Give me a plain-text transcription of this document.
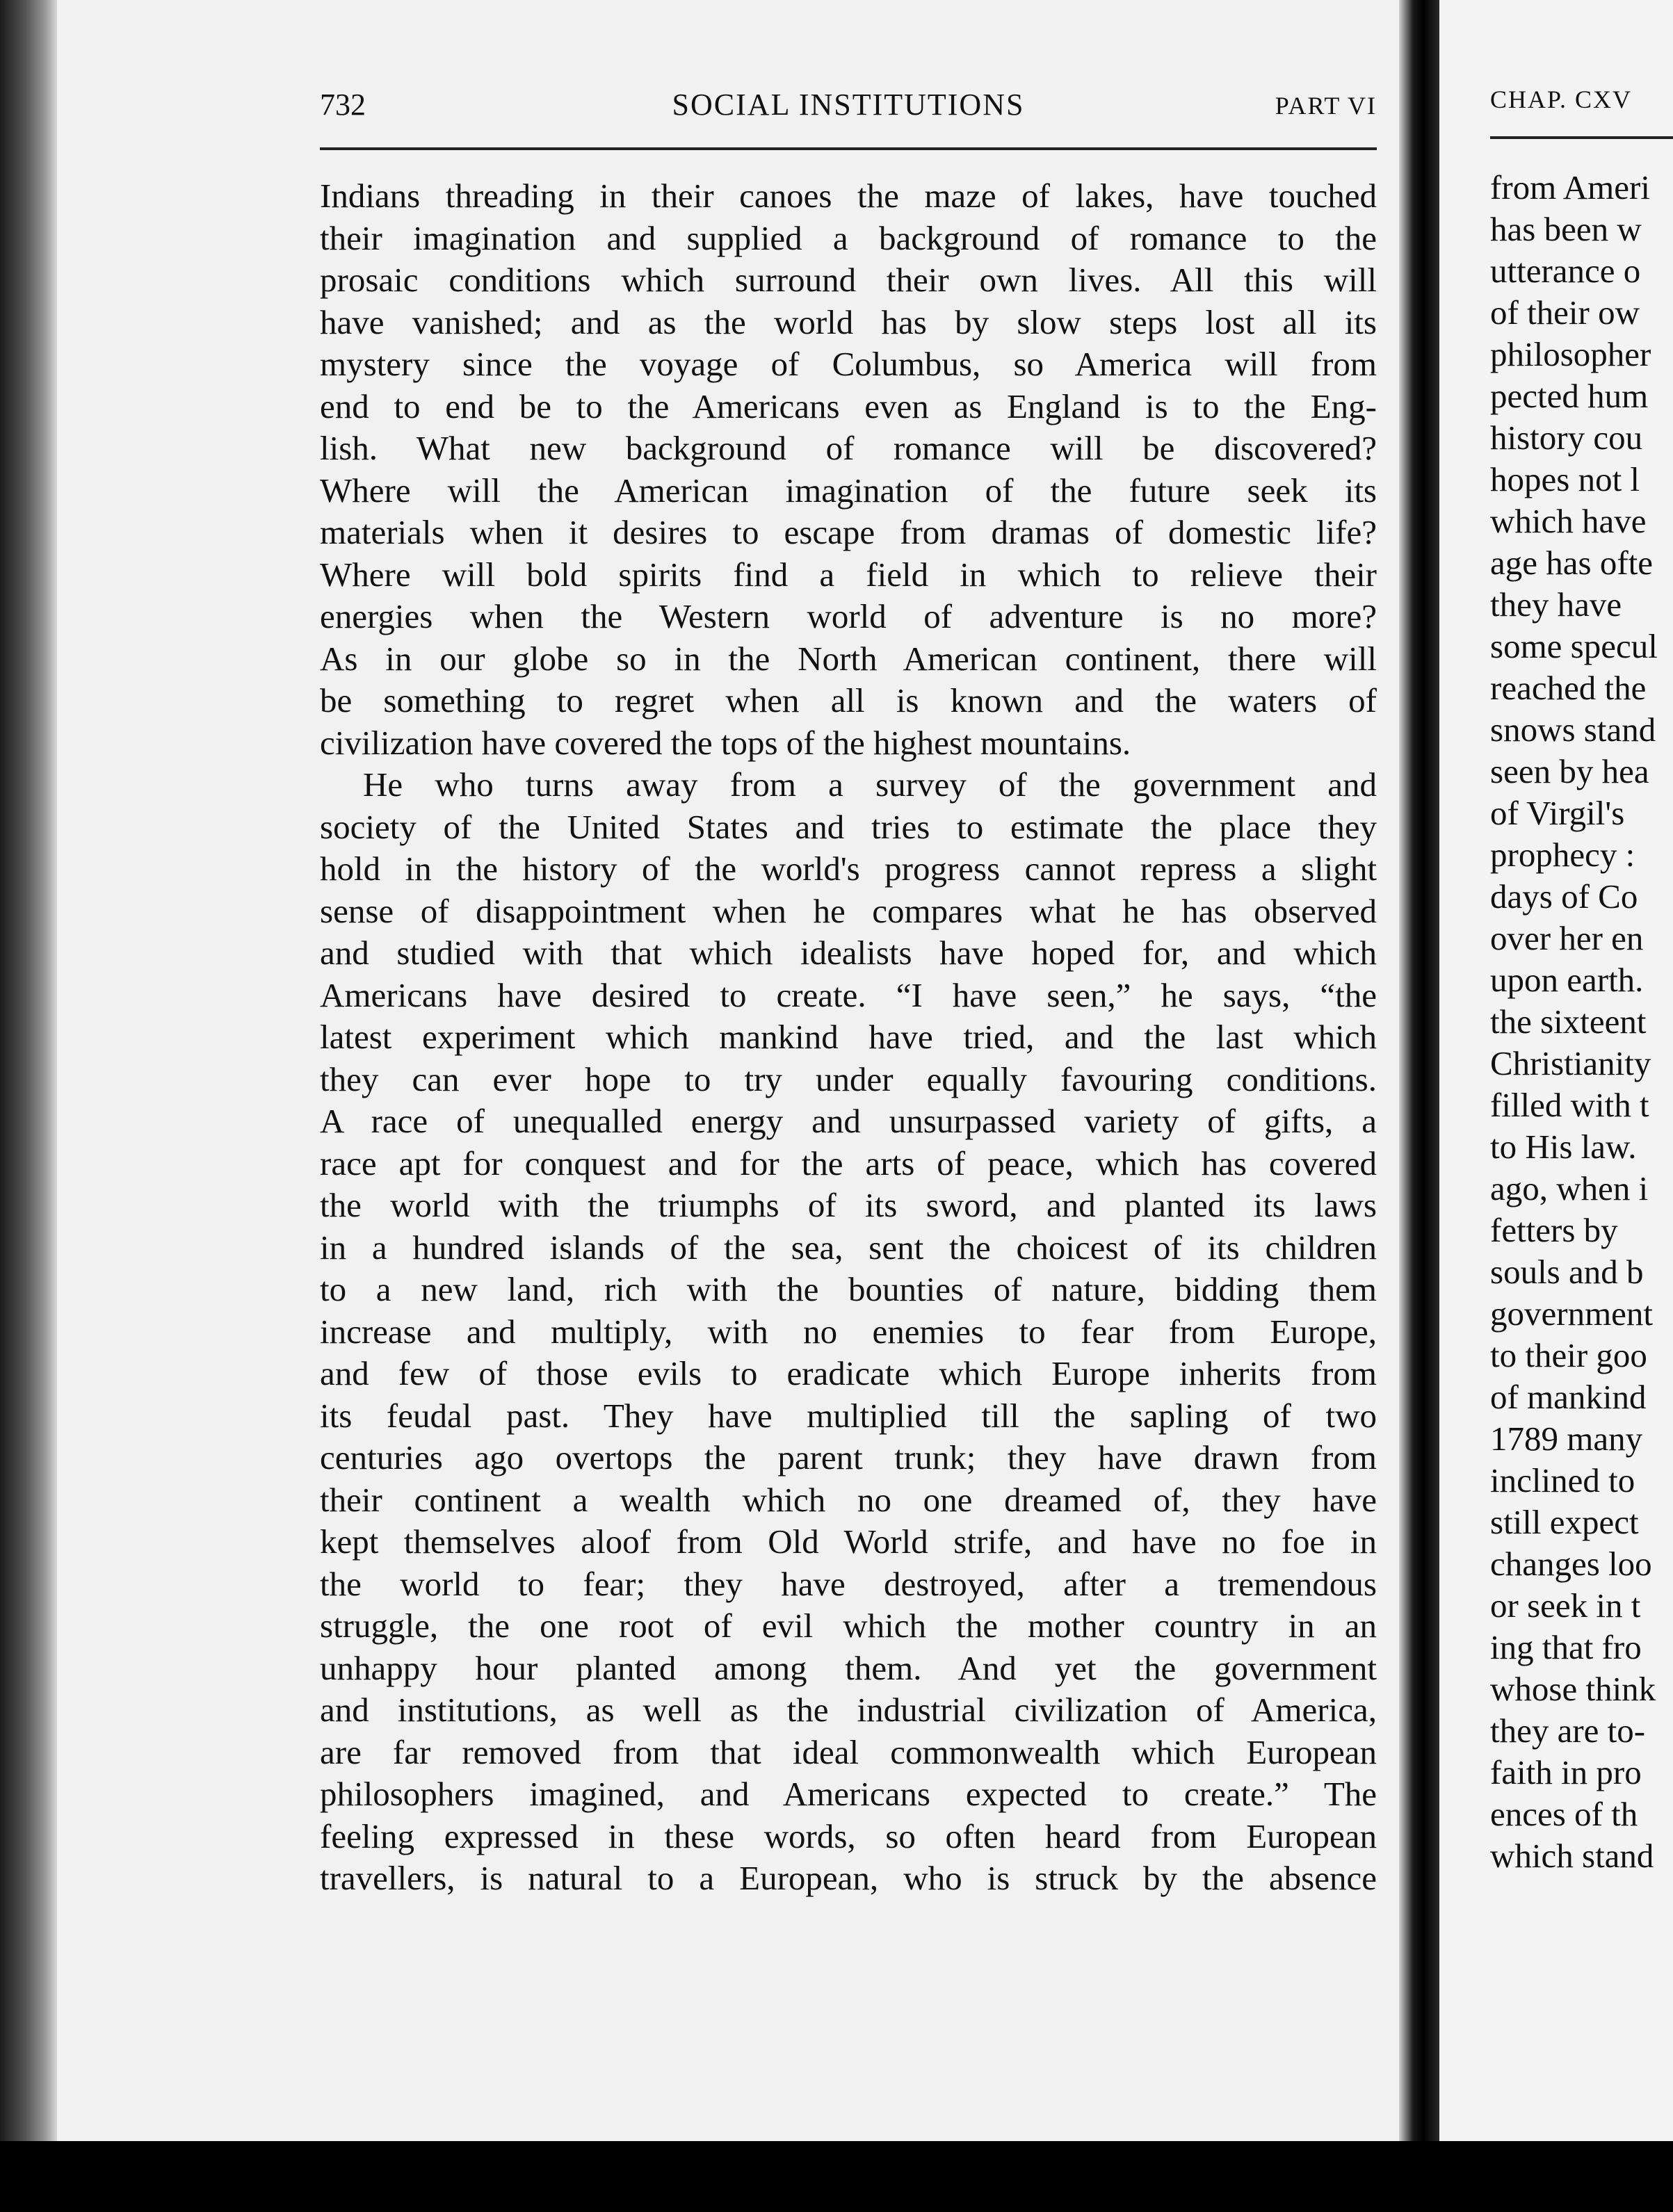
732	SOCIAL INSTITUTIONS	PART VI
Indians threading in their canoes the maze of lakes, have touched
their imagination and supplied a background of romance to the
prosaic conditions which surround their own lives. All this will
have vanished; and as the world has by slow steps lost all its
mystery since the voyage of Columbus, so America will from
end to end be to the Americans even as England is to the Eng-
lish. What new background of romance will be discovered?
Where will the American imagination of the future seek its
materials when it desires to escape from dramas of domestic life?
Where will bold spirits find a field in which to relieve their
energies when the Western world of adventure is no more?
As in our globe so in the North American continent, there will
be something to regret when all is known and the waters of
civilization have covered the tops of the highest mountains.
He who turns away from a survey of the government and
society of the United States and tries to estimate the place they
hold in the history of the world's progress cannot repress a slight
sense of disappointment when he compares what he has observed
and studied with that which idealists have hoped for, and which
Americans have desired to create. “I have seen,” he says, “the
latest experiment which mankind have tried, and the last which
they can ever hope to try under equally favouring conditions.
A race of unequalled energy and unsurpassed variety of gifts, a
race apt for conquest and for the arts of peace, which has covered
the world with the triumphs of its sword, and planted its laws
in a hundred islands of the sea, sent the choicest of its children
to a new land, rich with the bounties of nature, bidding them
increase and multiply, with no enemies to fear from Europe,
and few of those evils to eradicate which Europe inherits from
its feudal past. They have multiplied till the sapling of two
centuries ago overtops the parent trunk; they have drawn from
their continent a wealth which no one dreamed of, they have
kept themselves aloof from Old World strife, and have no foe in
the world to fear; they have destroyed, after a tremendous
struggle, the one root of evil which the mother country in an
unhappy hour planted among them. And yet the government
and institutions, as well as the industrial civilization of America,
are far removed from that ideal commonwealth which European
philosophers imagined, and Americans expected to create.” The
feeling expressed in these words, so often heard from European
travellers, is natural to a European, who is struck by the absence
CHAP. CXV
from Ameri
has been w
utterance o
of their ow
philosopher
pected hum
history cou
hopes not l
which have
age has ofte
they have
some specul
reached the
snows stand
seen by hea
of Virgil's
prophecy :
days of Co
over her en
upon earth.
the sixteent
Christianity
filled with t
to His law.
ago, when i
fetters by
souls and b
government
to their goo
of mankind
1789 many
inclined to
still expect
changes loo
or seek in t
ing that fro
whose think
they are to-
faith in pro
ences of th
which stand
